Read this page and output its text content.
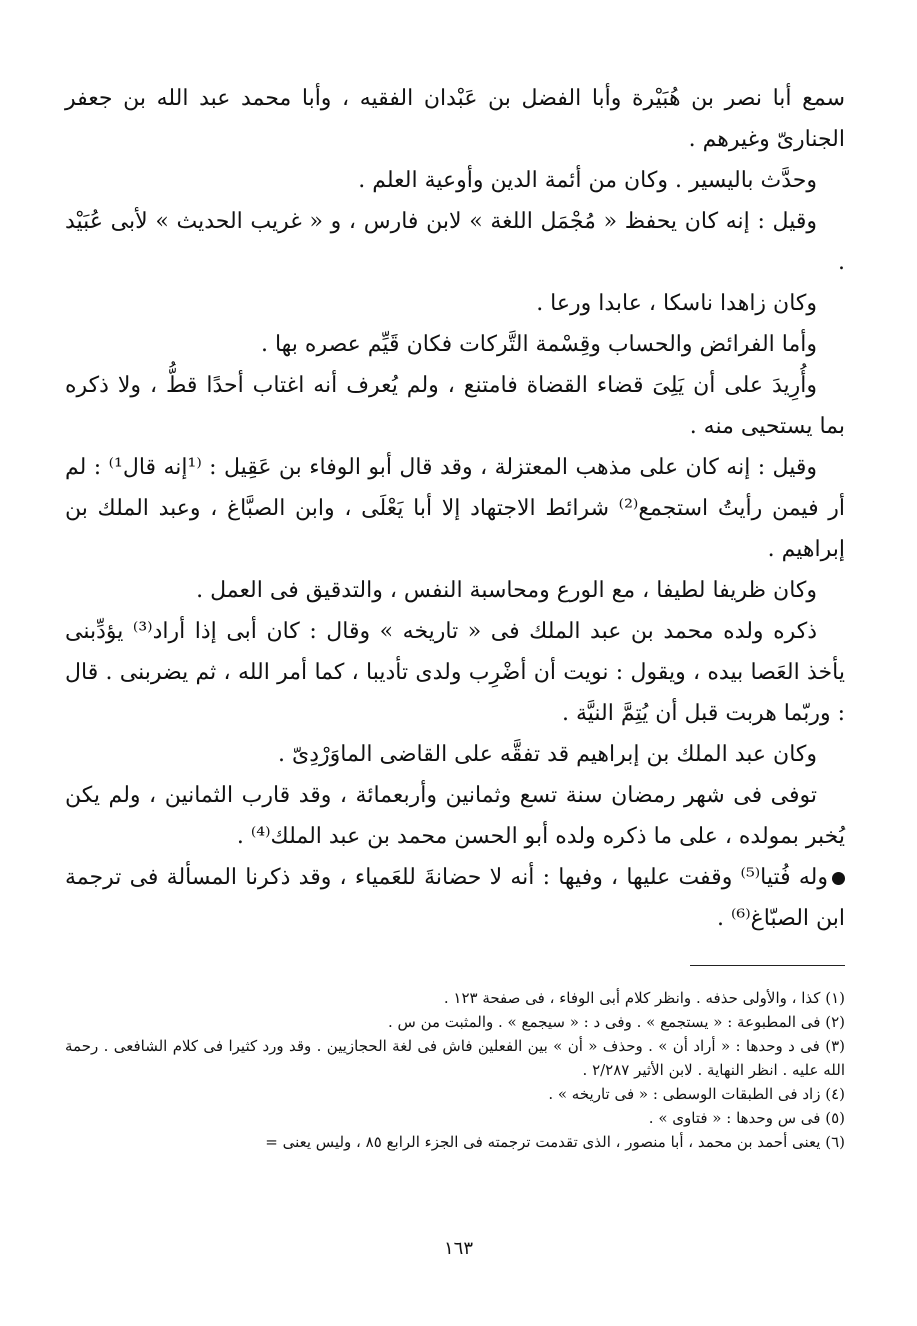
سمع أبا نصر بن هُبَيْرة وأبا الفضل بن عَبْدان الفقيه ، وأبا محمد عبد الله بن جعفر الجنارىّ وغيرهم .

وحدَّث باليسير . وكان من أئمة الدين وأوعية العلم .

وقيل : إنه كان يحفظ « مُجْمَل اللغة » لابن فارس ، و « غريب الحديث » لأبى عُبَيْد .

وكان زاهدا ناسكا ، عابدا ورعا .

وأما الفرائض والحساب وقِسْمة التَّركات فكان قَيِّم عصره بها .

وأُرِيدَ على أن يَلِىَ قضاء القضاة فامتنع ، ولم يُعرف أنه اغتاب أحدًا قطُّ ، ولا ذكره بما يستحيى منه .

وقيل : إنه كان على مذهب المعتزلة ، وقد قال أبو الوفاء بن عَقِيل : ⁽¹إنه قال¹⁾ : لم أر فيمن رأيتُ استجمع⁽²⁾ شرائط الاجتهاد إلا أبا يَعْلَى ، وابن الصبَّاغ ، وعبد الملك بن إبراهيم .

وكان ظريفا لطيفا ، مع الورع ومحاسبة النفس ، والتدقيق فى العمل .

ذكره ولده محمد بن عبد الملك فى « تاريخه » وقال : كان أبى إذا أراد⁽³⁾ يؤدِّبنى يأخذ العَصا بيده ، ويقول : نويت أن أضْرِب ولدى تأديبا ، كما أمر الله ، ثم يضربنى . قال : وربّما هربت قبل أن يُتِمَّ النيَّة .

وكان عبد الملك بن إبراهيم قد تفقَّه على القاضى الماوَرْدِىّ .

توفى فى شهر رمضان سنة تسع وثمانين وأربعمائة ، وقد قارب الثمانين ، ولم يكن يُخبر بمولده ، على ما ذكره ولده أبو الحسن محمد بن عبد الملك⁽⁴⁾ .

وله فُتيا⁽⁵⁾ وقفت عليها ، وفيها : أنه لا حضانةَ للعَمياء ، وقد ذكرنا المسألة فى ترجمة ابن الصبّاغ⁽⁶⁾ .

(١) كذا ، والأولى حذفه . وانظر كلام أبى الوفاء ، فى صفحة ١٢٣ .

(٢) فى المطبوعة : « يستجمع » . وفى د : « سيجمع » . والمثبت من س .

(٣) فى د وحدها : « أراد أن » . وحذف « أن » بين الفعلين فاش فى لغة الحجازيين . وقد ورد كثيرا فى كلام الشافعى . رحمة الله عليه . انظر النهاية . لابن الأثير ٢/٢٨٧ .

(٤) زاد فى الطبقات الوسطى : « فى تاريخه » .

(٥) فى س وحدها : « فتاوى » .

(٦) يعنى أحمد بن محمد ، أبا منصور ، الذى تقدمت ترجمته فى الجزء الرابع ٨٥ ، وليس يعنى =

١٦٣
